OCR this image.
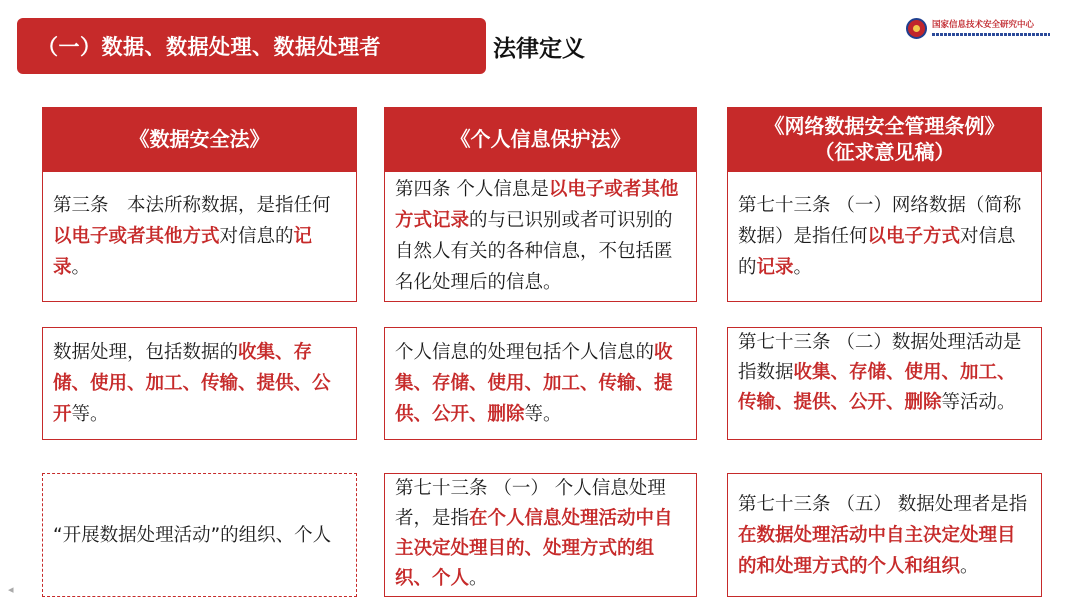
（一）数据、数据处理、数据处理者	法律定义
国家信息技术安全研究中心
《数据安全法》	《个人信息保护法》
《网络数据安全管理条例》
（征求意见稿）
第三条　本法所称数据，是指任何以电子或者其他方式对信息的记录。
第四条 个人信息是以电子或者其他方式记录的与已识别或者可识别的自然人有关的各种信息，不包括匿名化处理后的信息。
第七十三条 （一）网络数据（简称数据）是指任何以电子方式对信息的记录。
数据处理，包括数据的收集、存储、使用、加工、传输、提供、公开等。
个人信息的处理包括个人信息的收集、存储、使用、加工、传输、提供、公开、删除等。
第七十三条 （二）数据处理活动是指数据收集、存储、使用、加工、传输、提供、公开、删除等活动。
“开展数据处理活动”的组织、个人
第七十三条 （一） 个人信息处理者，是指在个人信息处理活动中自主决定处理目的、处理方式的组织、个人。
第七十三条 （五） 数据处理者是指在数据处理活动中自主决定处理目的和处理方式的个人和组织。
◂
